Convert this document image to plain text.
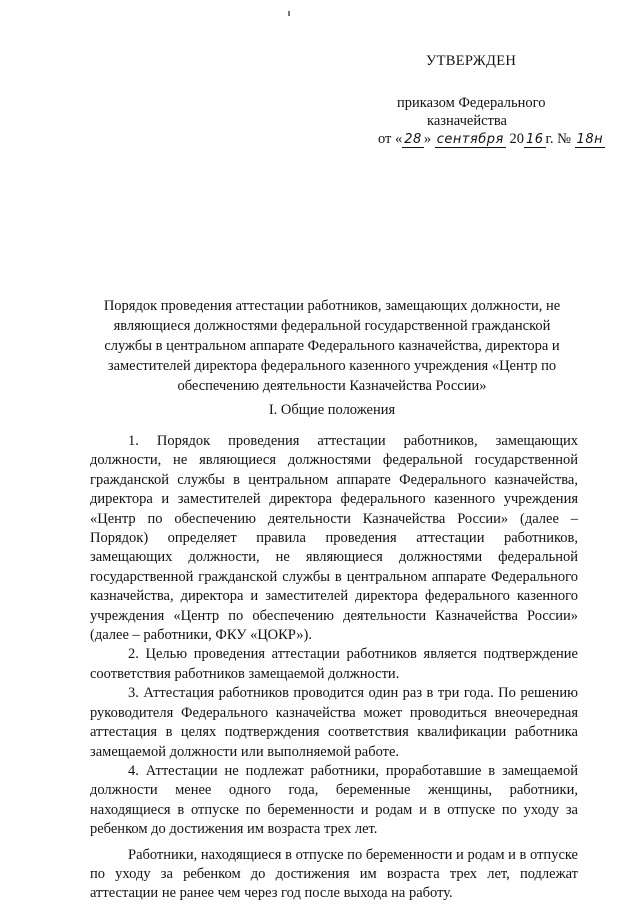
УТВЕРЖДЕН
приказом Федерального
казначейства
от « 28 » сентября 20 16 г. № 18н
Порядок проведения аттестации работников, замещающих должности, не являющиеся должностями федеральной государственной гражданской службы в центральном аппарате Федерального казначейства, директора и заместителей директора федерального казенного учреждения «Центр по обеспечению деятельности Казначейства России»
I. Общие положения

1. Порядок проведения аттестации работников, замещающих должности, не являющиеся должностями федеральной государственной гражданской службы в центральном аппарате Федерального казначейства, директора и заместителей директора федерального казенного учреждения «Центр по обеспечению деятельности Казначейства России» (далее – Порядок) определяет правила проведения аттестации работников, замещающих должности, не являющиеся должностями федеральной государственной гражданской службы в центральном аппарате Федерального казначейства, директора и заместителей директора федерального казенного учреждения «Центр по обеспечению деятельности Казначейства России» (далее – работники, ФКУ «ЦОКР»).

2. Целью проведения аттестации работников является подтверждение соответствия работников замещаемой должности.

3. Аттестация работников проводится один раз в три года. По решению руководителя Федерального казначейства может проводиться внеочередная аттестация в целях подтверждения соответствия квалификации работника замещаемой должности или выполняемой работе.

4. Аттестации не подлежат работники, проработавшие в замещаемой должности менее одного года, беременные женщины, работники, находящиеся в отпуске по беременности и родам и в отпуске по уходу за ребенком до достижения им возраста трех лет.

Работники, находящиеся в отпуске по беременности и родам и в отпуске по уходу за ребенком до достижения им возраста трех лет, подлежат аттестации не ранее чем через год после выхода на работу.
